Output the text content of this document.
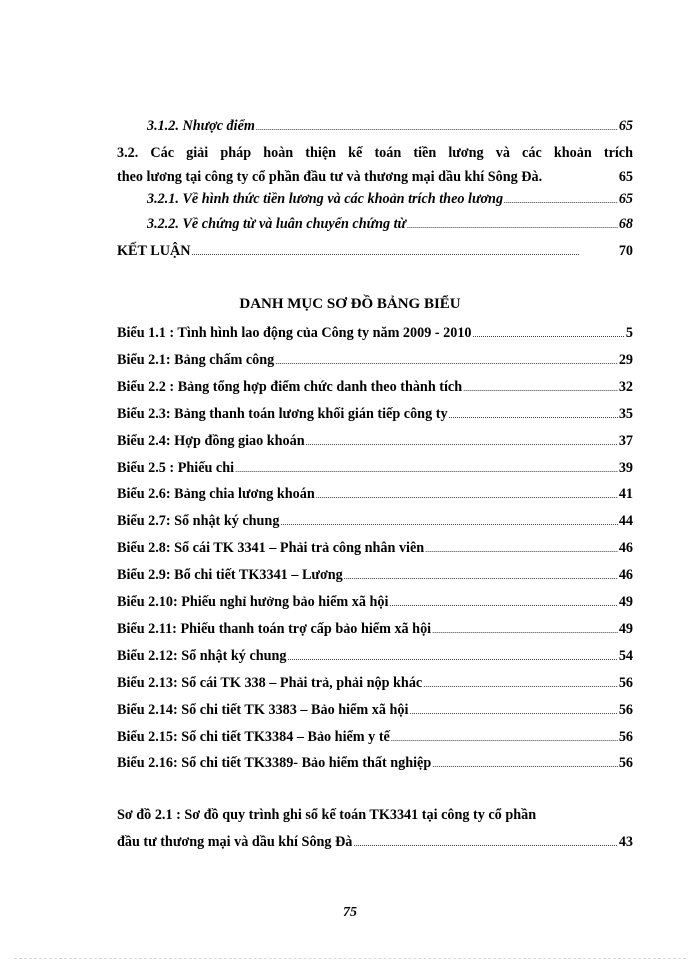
3.1.2. Nhược điểm . . .	65
3.2. Các giải pháp hoàn thiện kế toán tiền lương và các khoản trích
theo lương tại công ty cổ phần đầu tư và thương mại dầu khí Sông Đà.	65
3.2.1. Về hình thức tiền lương và các khoản trích theo lương . . .	65
3.2.2. Về chứng từ và luân chuyển chứng từ . . .	68
KẾT LUẬN . . .	70
DANH MỤC SƠ ĐỒ BẢNG BIỂU
Biểu 1.1 : Tình hình lao động của Công ty năm 2009 - 2010 . . .	5
Biểu 2.1: Bảng chấm công . . .	29
Biểu 2.2 : Bảng tổng hợp điểm chức danh theo thành tích . . .	32
Biểu 2.3: Bảng thanh toán lương khối gián tiếp công ty . . .	35
Biểu 2.4: Hợp đồng giao khoán . . .	37
Biểu 2.5 : Phiếu chi . . .	39
Biểu 2.6: Bảng chia lương khoán . . .	41
Biểu 2.7: Sổ nhật ký chung . . .	44
Biểu 2.8: Sổ cái TK 3341 – Phải trả công nhân viên . . .	46
Biểu 2.9: Bổ chi tiết TK3341 – Lương . . .	46
Biểu 2.10: Phiếu nghỉ hưởng bảo hiểm xã hội . . .	49
Biểu 2.11: Phiếu thanh toán trợ cấp bảo hiểm xã hội . . .	49
Biểu 2.12: Sổ nhật ký chung . . .	54
Biểu 2.13: Sổ cái TK 338 – Phải trả, phải nộp khác . . .	56
Biểu 2.14: Sổ chi tiết TK 3383 – Bảo hiểm xã hội . . .	56
Biểu 2.15: Sổ chi tiết TK3384 – Bảo hiểm y tế . . .	56
Biểu 2.16: Sổ chi tiết TK3389- Bảo hiểm thất nghiệp . . .	56
Sơ đồ 2.1 : Sơ đồ quy trình ghi sổ kế toán TK3341 tại công ty cổ phần
đầu tư thương mại và dầu khí Sông Đà . . .	43
75
